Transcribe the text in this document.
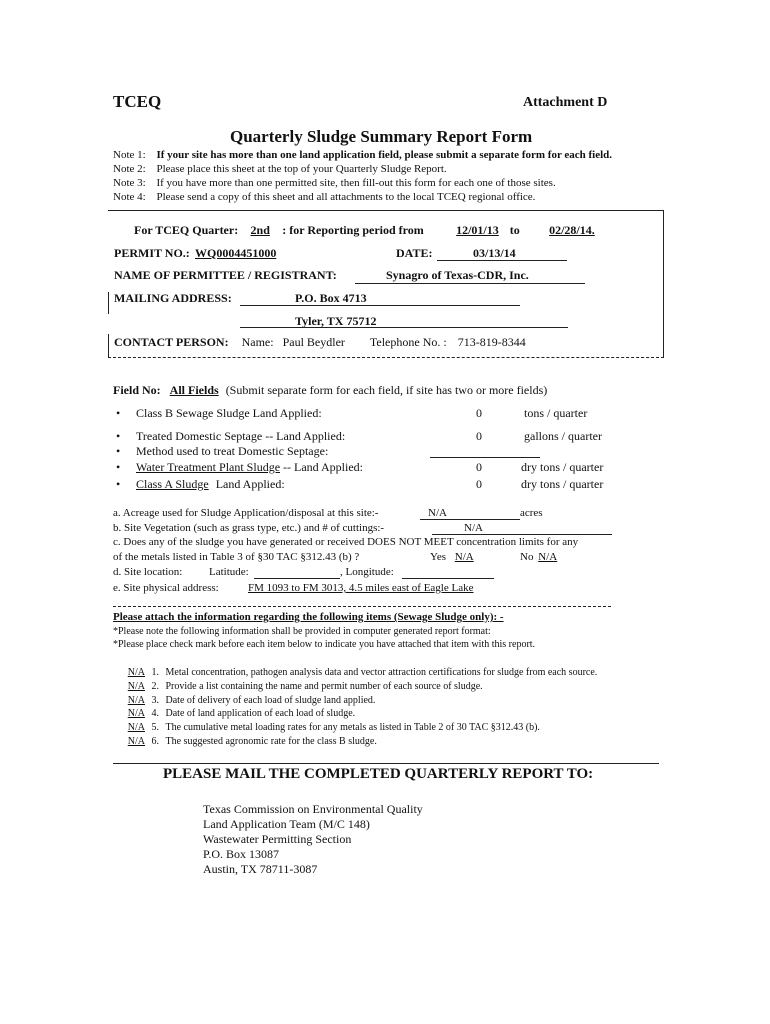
TCEQ	Attachment D
Quarterly Sludge Summary Report Form
Note 1: If your site has more than one land application field, please submit a separate form for each field.
Note 2: Please place this sheet at the top of your Quarterly Sludge Report.
Note 3: If you have more than one permitted site, then fill-out this form for each one of those sites.
Note 4: Please send a copy of this sheet and all attachments to the local TCEQ regional office.
For TCEQ Quarter: 2nd : for Reporting period from	12/01/13 to 02/28/14.
PERMIT NO.: WQ0004451000	DATE:	03/13/14
NAME OF PERMITTEE / REGISTRANT:	Synagro of Texas-CDR, Inc.
MAILING ADDRESS:	P.O. Box 4713
Tyler, TX 75712
CONTACT PERSON: Name: Paul Beydler Telephone No. : 713-819-8344
Field No: All Fields (Submit separate form for each field, if site has two or more fields)
• Class B Sewage Sludge Land Applied:	0	tons / quarter
• Treated Domestic Septage -- Land Applied:	0	gallons / quarter
• Method used to treat Domestic Septage:
• Water Treatment Plant Sludge -- Land Applied:	0	dry tons / quarter
• Class A Sludge Land Applied:	0	dry tons / quarter
a. Acreage used for Sludge Application/disposal at this site:-	N/A	acres
b. Site Vegetation (such as grass type, etc.) and # of cuttings:-	N/A
c. Does any of the sludge you have generated or received DOES NOT MEET concentration limits for any
of the metals listed in Table 3 of §30 TAC §312.43 (b) ?	Yes N/A	No N/A
d. Site location: Latitude:	, Longitude:
e. Site physical address:	FM 1093 to FM 3013, 4.5 miles east of Eagle Lake
Please attach the information regarding the following items (Sewage Sludge only): -
*Please note the following information shall be provided in computer generated report format:
*Please place check mark before each item below to indicate you have attached that item with this report.
N/A 1. Metal concentration, pathogen analysis data and vector attraction certifications for sludge from each source.
N/A 2. Provide a list containing the name and permit number of each source of sludge.
N/A 3. Date of delivery of each load of sludge land applied.
N/A 4. Date of land application of each load of sludge.
N/A 5. The cumulative metal loading rates for any metals as listed in Table 2 of 30 TAC §312.43 (b).
N/A 6. The suggested agronomic rate for the class B sludge.
PLEASE MAIL THE COMPLETED QUARTERLY REPORT TO:
Texas Commission on Environmental Quality
Land Application Team (M/C 148)
Wastewater Permitting Section
P.O. Box 13087
Austin, TX 78711-3087
